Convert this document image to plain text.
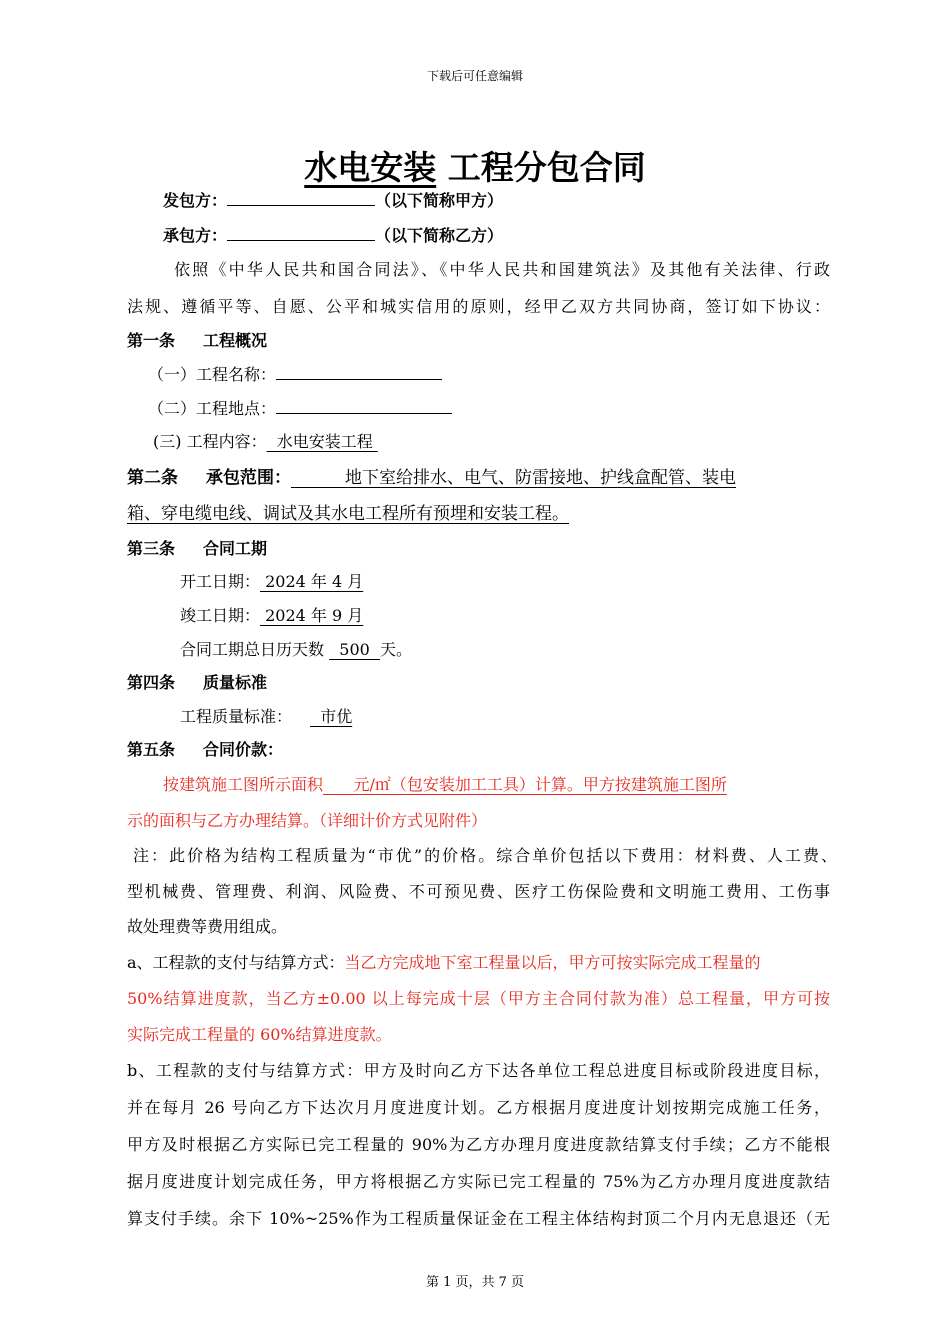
下载后可任意编辑
水电安装 工程分包合同
发包方：	（以下简称甲方）
承包方：	（以下简称乙方）
依照《中华人民共和国合同法》、《中华人民共和国建筑法》及其他有关法律、行政
法规、遵循平等、自愿、公平和城实信用的原则，经甲乙双方共同协商，签订如下协议：
第一条 工程概况
（一）工程名称：
（二）工程地点：
(三) 工程内容：  水电安装工程
第二条 承包范围：          地下室给排水、电气、防雷接地、护线盒配管、装电
箱、穿电缆电线、调试及其水电工程所有预埋和安装工程。
第三条 合同工期
开工日期： 2024 年 4 月
竣工日期： 2024 年 9 月
合同工期总日历天数   500  天。
第四条 质量标准
工程质量标准：  市优
第五条 合同价款：
按建筑施工图所示面积 元/㎡（包安装加工工具）计算。甲方按建筑施工图所
示的面积与乙方办理结算。（详细计价方式见附件）
注：此价格为结构工程质量为“市优”的价格。综合单价包括以下费用：材料费、人工费、
型机械费、管理费、利润、风险费、不可预见费、医疗工伤保险费和文明施工费用、工伤事
故处理费等费用组成。
a、工程款的支付与结算方式：当乙方完成地下室工程量以后，甲方可按实际完成工程量的
50%结算进度款，当乙方±0.00 以上每完成十层（甲方主合同付款为准）总工程量，甲方可按
实际完成工程量的 60%结算进度款。
b、工程款的支付与结算方式：甲方及时向乙方下达各单位工程总进度目标或阶段进度目标，
并在每月 26 号向乙方下达次月月度进度计划。乙方根据月度进度计划按期完成施工任务，
甲方及时根据乙方实际已完工程量的 90%为乙方办理月度进度款结算支付手续；乙方不能根
据月度进度计划完成任务，甲方将根据乙方实际已完工程量的 75%为乙方办理月度进度款结
算支付手续。余下 10%~25%作为工程质量保证金在工程主体结构封顶二个月内无息退还（无
第 1 页，共 7 页
